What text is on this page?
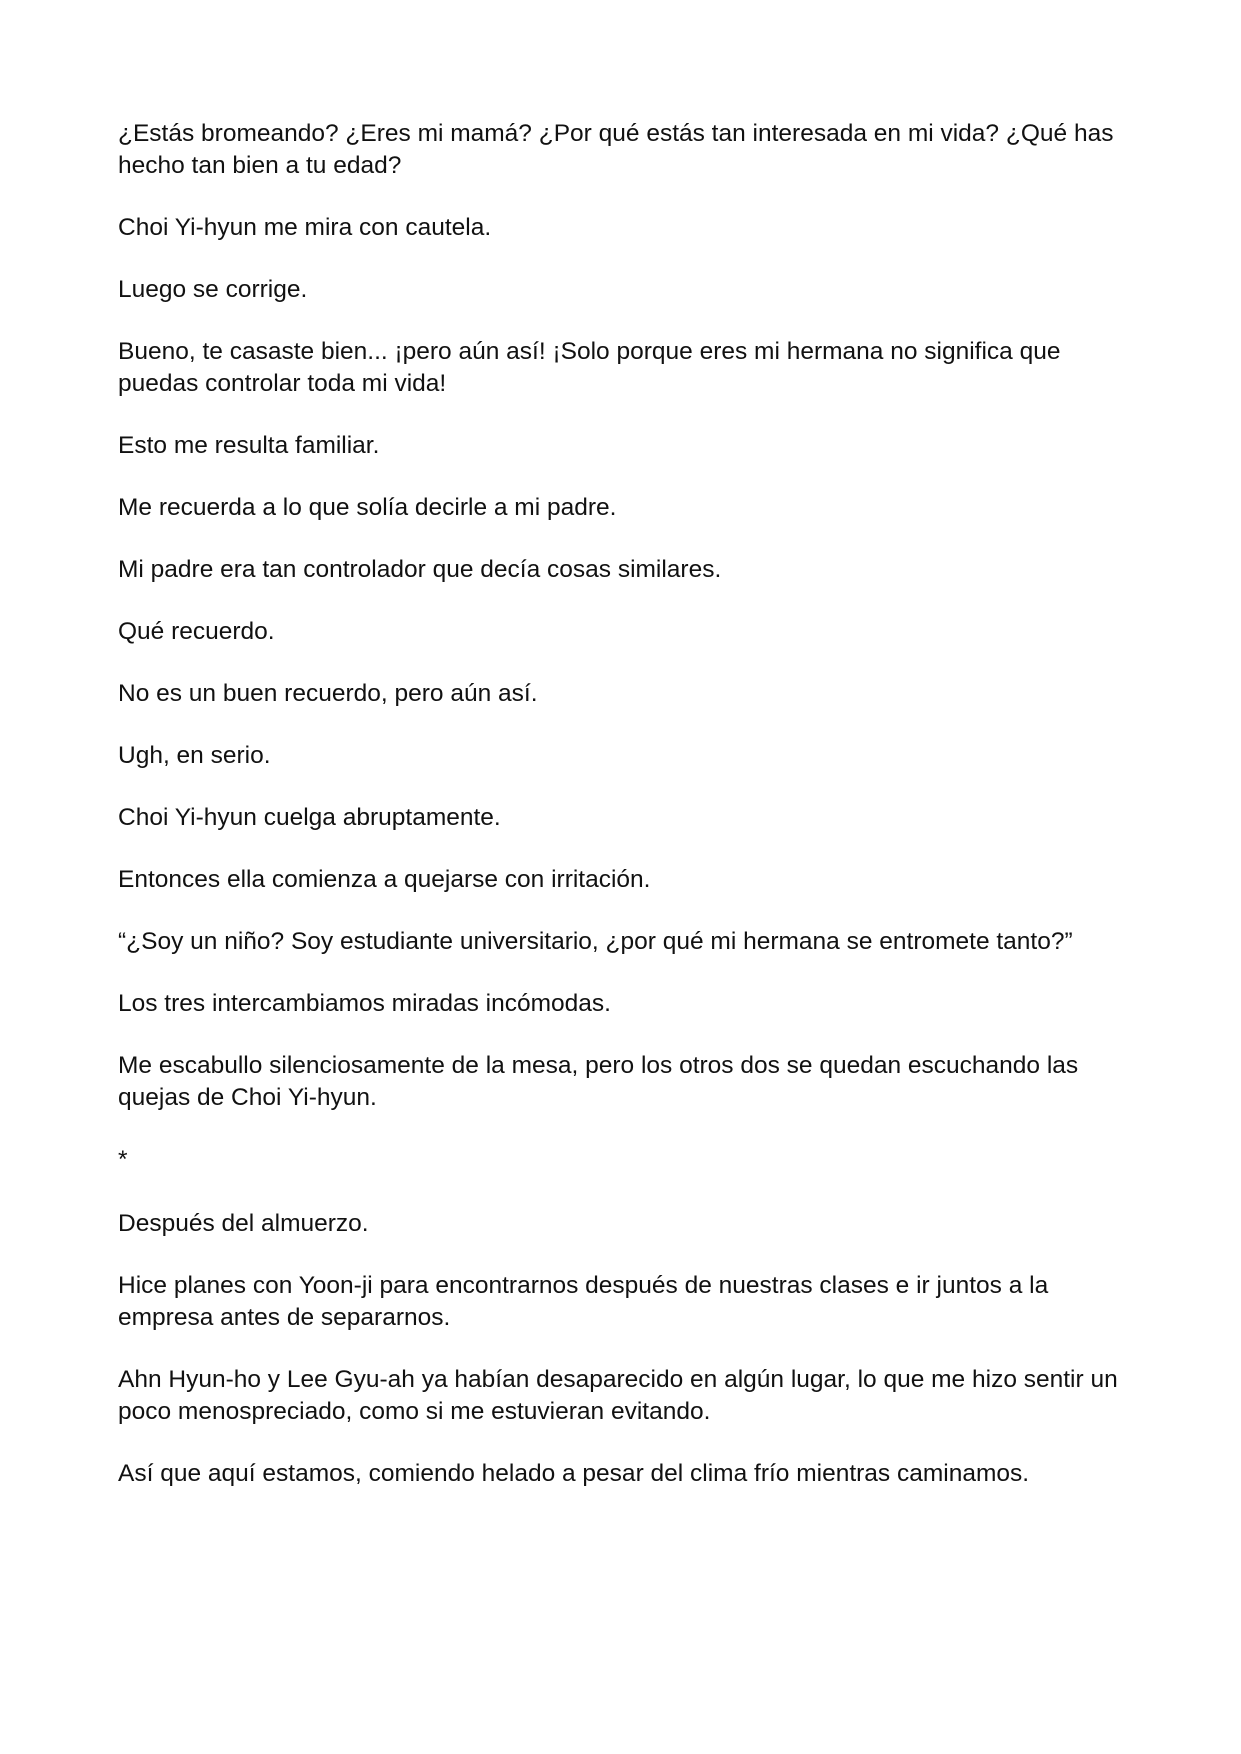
¿Estás bromeando? ¿Eres mi mamá? ¿Por qué estás tan interesada en mi vida? ¿Qué has hecho tan bien a tu edad?

Choi Yi-hyun me mira con cautela.

Luego se corrige.

Bueno, te casaste bien... ¡pero aún así! ¡Solo porque eres mi hermana no significa que puedas controlar toda mi vida!

Esto me resulta familiar.

Me recuerda a lo que solía decirle a mi padre.

Mi padre era tan controlador que decía cosas similares.

Qué recuerdo.

No es un buen recuerdo, pero aún así.

Ugh, en serio.

Choi Yi-hyun cuelga abruptamente.

Entonces ella comienza a quejarse con irritación.

“¿Soy un niño? Soy estudiante universitario, ¿por qué mi hermana se entromete tanto?”

Los tres intercambiamos miradas incómodas.

Me escabullo silenciosamente de la mesa, pero los otros dos se quedan escuchando las quejas de Choi Yi-hyun.

*

Después del almuerzo.

Hice planes con Yoon-ji para encontrarnos después de nuestras clases e ir juntos a la empresa antes de separarnos.

Ahn Hyun-ho y Lee Gyu-ah ya habían desaparecido en algún lugar, lo que me hizo sentir un poco menospreciado, como si me estuvieran evitando.

Así que aquí estamos, comiendo helado a pesar del clima frío mientras caminamos.
